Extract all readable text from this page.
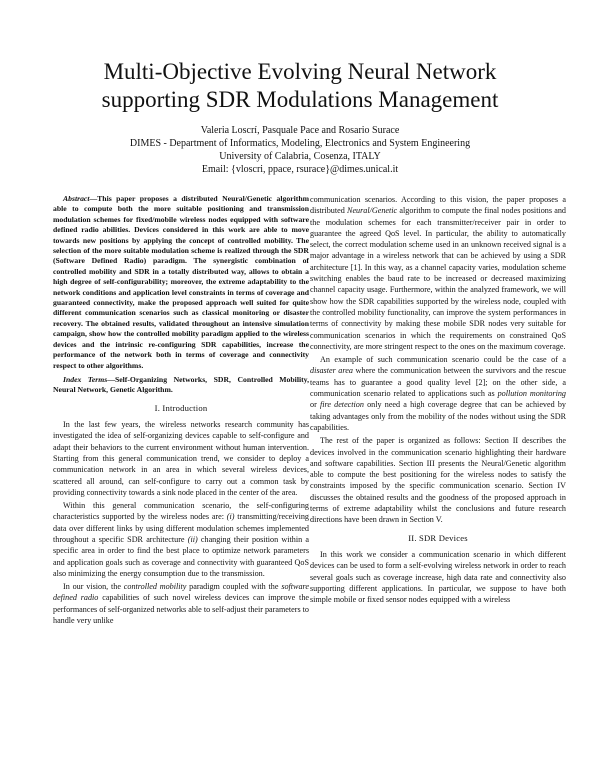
Multi-Objective Evolving Neural Network
supporting SDR Modulations Management
Valeria Loscrí, Pasquale Pace and Rosario Surace
DIMES - Department of Informatics, Modeling, Electronics and System Engineering
University of Calabria, Cosenza, ITALY
Email: {vloscri, ppace, rsurace}@dimes.unical.it

Abstract—This paper proposes a distributed Neural/Genetic algorithm able to compute both the more suitable positioning and transmission modulation schemes for fixed/mobile wireless nodes equipped with software defined radio abilities. Devices considered in this work are able to move towards new positions by applying the concept of controlled mobility. The selection of the more suitable modulation scheme is realized through the SDR (Software Defined Radio) paradigm. The synergistic combination of controlled mobility and SDR in a totally distributed way, allows to obtain a high degree of self-configurability; moreover, the extreme adaptability to the network conditions and application level constraints in terms of coverage and guaranteed connectivity, make the proposed approach well suited for quite different communication scenarios such as classical monitoring or disaster recovery. The obtained results, validated throughout an intensive simulation campaign, show how the controlled mobility paradigm applied to the wireless devices and the intrinsic re-configuring SDR capabilities, increase the performance of the network both in terms of coverage and connectivity respect to other algorithms.

Index Terms—Self-Organizing Networks, SDR, Controlled Mobility, Neural Network, Genetic Algorithm.

I. Introduction

In the last few years, the wireless networks research community has investigated the idea of self-organizing devices capable to self-configure and adapt their behaviors to the current environment without human intervention. Starting from this general communication trend, we consider to deploy a communication network in an area in which several wireless devices, scattered all around, can self-configure to carry out a common task by providing connectivity towards a sink node placed in the center of the area.

Within this general communication scenario, the self-configuring characteristics supported by the wireless nodes are: (i) transmitting/receiving data over different links by using different modulation schemes implemented throughout a specific SDR architecture (ii) changing their position within a specific area in order to find the best place to optimize network parameters and application goals such as coverage and connectivity with guaranteed QoS also minimizing the energy consumption due to the transmission.

In our vision, the controlled mobility paradigm coupled with the software defined radio capabilities of such novel wireless devices can improve the performances of self-organized networks able to self-adjust their parameters to handle very unlike

communication scenarios. According to this vision, the paper proposes a distributed Neural/Genetic algorithm to compute the final nodes positions and the modulation schemes for each transmitter/receiver pair in order to guarantee the agreed QoS level. In particular, the ability to automatically select, the correct modulation scheme used in an unknown received signal is a major advantage in a wireless network that can be achieved by using a SDR architecture [1]. In this way, as a channel capacity varies, modulation scheme switching enables the baud rate to be increased or decreased maximizing channel capacity usage. Furthermore, within the analyzed framework, we will show how the SDR capabilities supported by the wireless node, coupled with the controlled mobility functionality, can improve the system performances in terms of connectivity by making these mobile SDR nodes very suitable for communication scenarios in which the requirements on constrained QoS connectivity, are more stringent respect to the ones on the maximum coverage.

An example of such communication scenario could be the case of a disaster area where the communication between the survivors and the rescue teams has to guarantee a good quality level [2]; on the other side, a communication scenario related to applications such as pollution monitoring or fire detection only need a high coverage degree that can be achieved by taking advantages only from the mobility of the nodes without using the SDR capabilities.

The rest of the paper is organized as follows: Section II describes the devices involved in the communication scenario highlighting their hardware and software capabilities. Section III presents the Neural/Genetic algorithm able to compute the best positioning for the wireless nodes to satisfy the constraints imposed by the specific communication scenario. Section IV discusses the obtained results and the goodness of the proposed approach in terms of extreme adaptability whilst the conclusions and future research directions have been drawn in Section V.

II. SDR Devices

In this work we consider a communication scenario in which different devices can be used to form a self-evolving wireless network in order to reach several goals such as coverage increase, high data rate and connectivity also supporting different applications. In particular, we suppose to have both simple mobile or fixed sensor nodes equipped with a wireless
